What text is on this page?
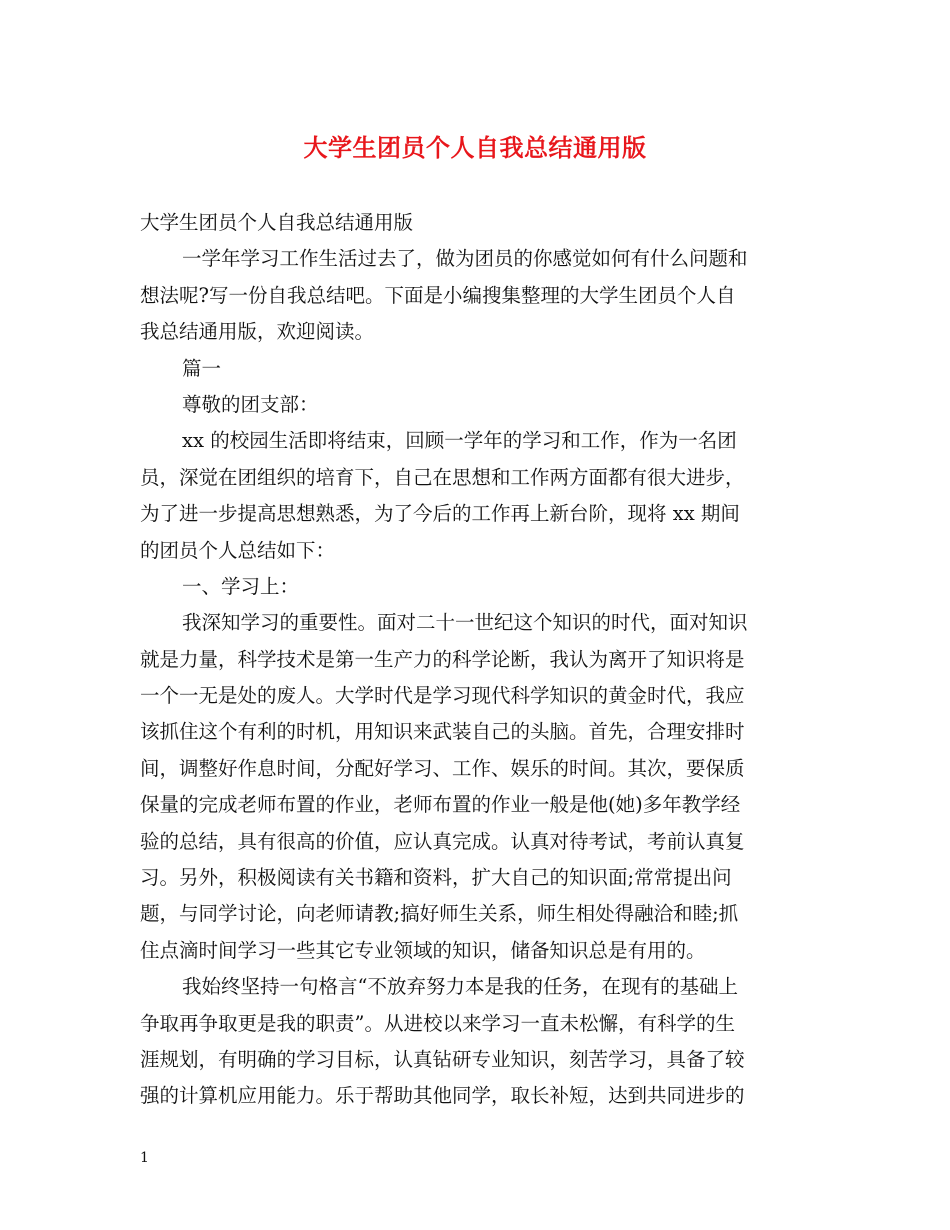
大学生团员个人自我总结通用版
大学生团员个人自我总结通用版
一学年学习工作生活过去了，做为团员的你感觉如何有什么问题和
想法呢?写一份自我总结吧。下面是小编搜集整理的大学生团员个人自
我总结通用版，欢迎阅读。
篇一
尊敬的团支部：
xx 的校园生活即将结束，回顾一学年的学习和工作，作为一名团
员，深觉在团组织的培育下，自己在思想和工作两方面都有很大进步，
为了进一步提高思想熟悉，为了今后的工作再上新台阶，现将 xx 期间
的团员个人总结如下：
一、学习上：
我深知学习的重要性。面对二十一世纪这个知识的时代，面对知识
就是力量，科学技术是第一生产力的科学论断，我认为离开了知识将是
一个一无是处的废人。大学时代是学习现代科学知识的黄金时代，我应
该抓住这个有利的时机，用知识来武装自己的头脑。首先，合理安排时
间，调整好作息时间，分配好学习、工作、娱乐的时间。其次，要保质
保量的完成老师布置的作业，老师布置的作业一般是他(她)多年教学经
验的总结，具有很高的价值，应认真完成。认真对待考试，考前认真复
习。另外，积极阅读有关书籍和资料，扩大自己的知识面;常常提出问
题，与同学讨论，向老师请教;搞好师生关系，师生相处得融洽和睦;抓
住点滴时间学习一些其它专业领域的知识，储备知识总是有用的。
我始终坚持一句格言“不放弃努力本是我的任务，在现有的基础上
争取再争取更是我的职责”。从进校以来学习一直未松懈，有科学的生
涯规划，有明确的学习目标，认真钻研专业知识，刻苦学习，具备了较
强的计算机应用能力。乐于帮助其他同学，取长补短，达到共同进步的
1
